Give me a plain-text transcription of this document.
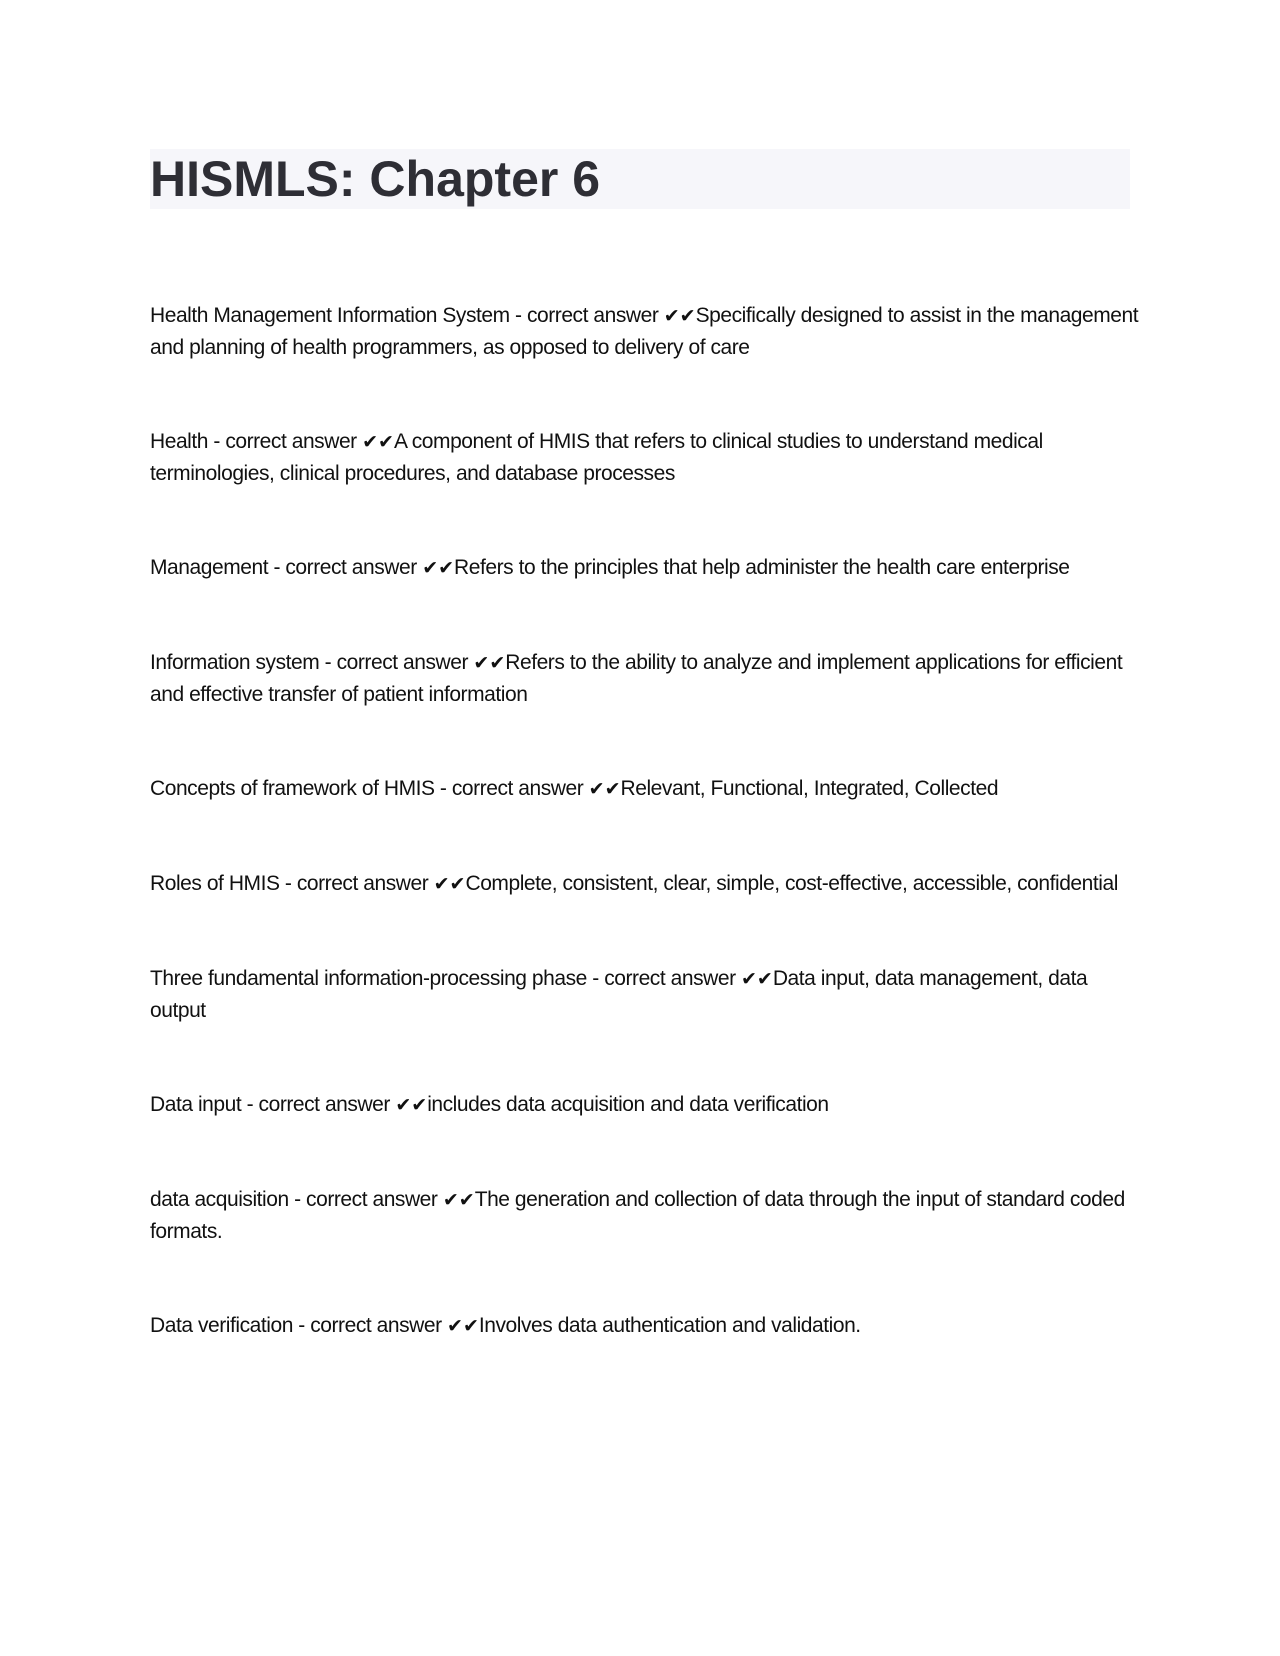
HISMLS: Chapter 6
Health Management Information System - correct answer ✔✔Specifically designed to assist in the management and planning of health programmers, as opposed to delivery of care
Health - correct answer ✔✔A component of HMIS that refers to clinical studies to understand medical terminologies, clinical procedures, and database processes
Management - correct answer ✔✔Refers to the principles that help administer the health care enterprise
Information system - correct answer ✔✔Refers to the ability to analyze and implement applications for efficient and effective transfer of patient information
Concepts of framework of HMIS - correct answer ✔✔Relevant, Functional, Integrated, Collected
Roles of HMIS - correct answer ✔✔Complete, consistent, clear, simple, cost-effective, accessible, confidential
Three fundamental information-processing phase - correct answer ✔✔Data input, data management, data output
Data input - correct answer ✔✔includes data acquisition and data verification
data acquisition - correct answer ✔✔The generation and collection of data through the input of standard coded formats.
Data verification - correct answer ✔✔Involves data authentication and validation.
